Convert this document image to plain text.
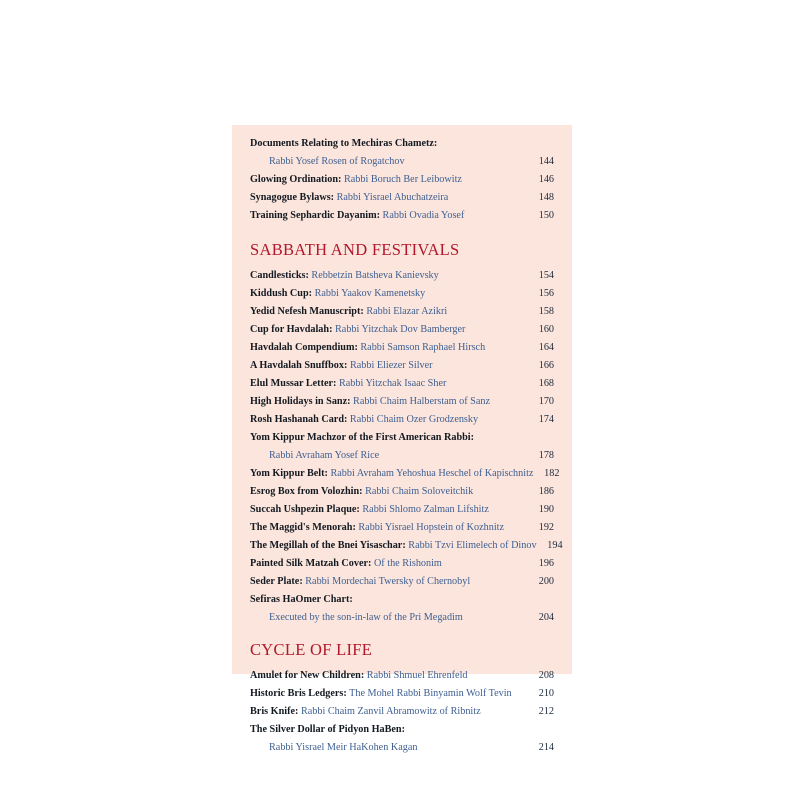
Documents Relating to Mechiras Chametz:
Rabbi Yosef Rosen of Rogatchov	144
Glowing Ordination: Rabbi Boruch Ber Leibowitz	146
Synagogue Bylaws: Rabbi Yisrael Abuchatzeira	148
Training Sephardic Dayanim: Rabbi Ovadia Yosef	150
SABBATH AND FESTIVALS
Candlesticks: Rebbetzin Batsheva Kanievsky	154
Kiddush Cup: Rabbi Yaakov Kamenetsky	156
Yedid Nefesh Manuscript: Rabbi Elazar Azikri	158
Cup for Havdalah: Rabbi Yitzchak Dov Bamberger	160
Havdalah Compendium: Rabbi Samson Raphael Hirsch	164
A Havdalah Snuffbox: Rabbi Eliezer Silver	166
Elul Mussar Letter: Rabbi Yitzchak Isaac Sher	168
High Holidays in Sanz: Rabbi Chaim Halberstam of Sanz	170
Rosh Hashanah Card: Rabbi Chaim Ozer Grodzensky	174
Yom Kippur Machzor of the First American Rabbi:
Rabbi Avraham Yosef Rice	178
Yom Kippur Belt: Rabbi Avraham Yehoshua Heschel of Kapischnitz	182
Esrog Box from Volozhin: Rabbi Chaim Soloveitchik	186
Succah Ushpezin Plaque: Rabbi Shlomo Zalman Lifshitz	190
The Maggid's Menorah: Rabbi Yisrael Hopstein of Kozhnitz	192
The Megillah of the Bnei Yisaschar: Rabbi Tzvi Elimelech of Dinov	194
Painted Silk Matzah Cover: Of the Rishonim	196
Seder Plate: Rabbi Mordechai Twersky of Chernobyl	200
Sefiras HaOmer Chart:
Executed by the son-in-law of the Pri Megadim	204
CYCLE OF LIFE
Amulet for New Children: Rabbi Shmuel Ehrenfeld	208
Historic Bris Ledgers: The Mohel Rabbi Binyamin Wolf Tevin	210
Bris Knife: Rabbi Chaim Zanvil Abramowitz of Ribnitz	212
The Silver Dollar of Pidyon HaBen:
Rabbi Yisrael Meir HaKohen Kagan	214
